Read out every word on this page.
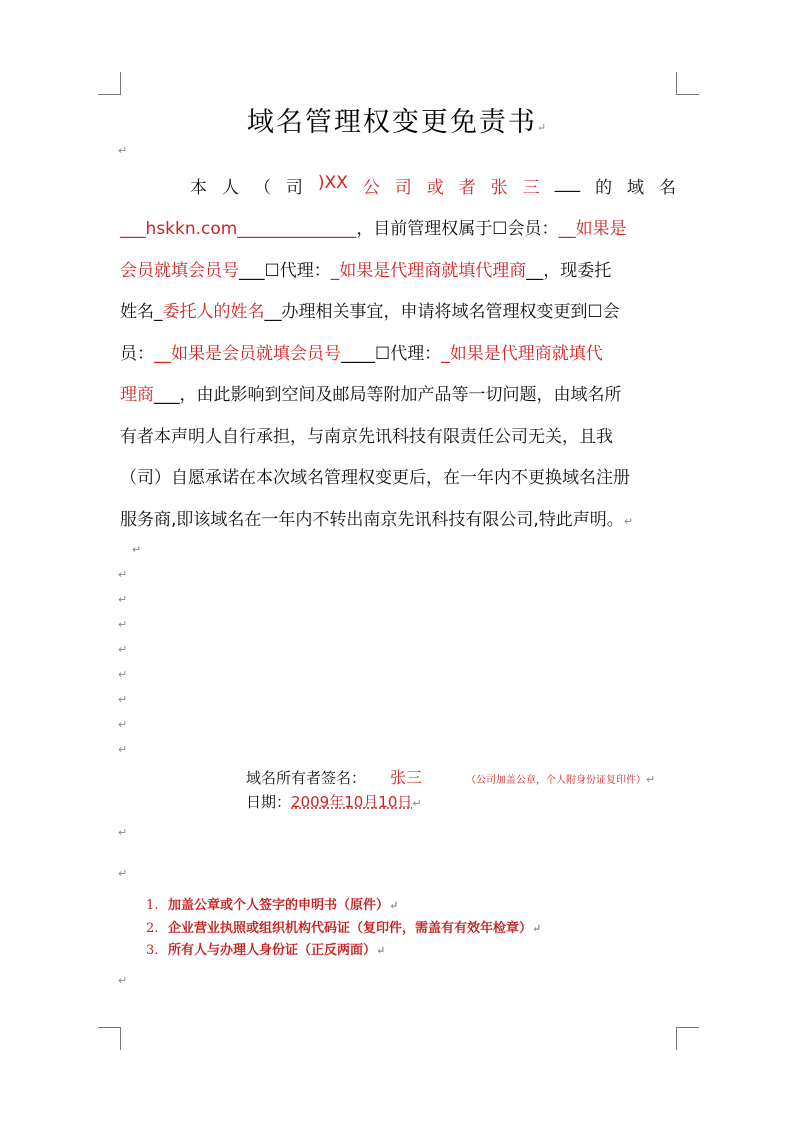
域名管理权变更免责书↵
↵
本 人 （ 司 )XX 公 司 或 者 张 三 ___ 的 域 名
___hskkn.com______________，目前管理权属于☐会员：__如果是
会员就填会员号___☐代理：_如果是代理商就填代理商__，现委托
姓名_委托人的姓名__办理相关事宜，申请将域名管理权变更到☐会
员：__如果是会员就填会员号____☐代理：_如果是代理商就填代
理商___，由此影响到空间及邮局等附加产品等一切问题，由域名所
有者本声明人自行承担，与南京先讯科技有限责任公司无关，且我
（司）自愿承诺在本次域名管理权变更后，在一年内不更换域名注册
服务商,即该域名在一年内不转出南京先讯科技有限公司,特此声明。↵
↵
↵
↵
↵
↵
↵
↵
↵
↵
域名所有者签名： 张三	（公司加盖公章，个人附身份证复印件）↵
日期：2009年10月10日↵
↵
↵
1. 加盖公章或个人签字的申明书（原件）↵
2. 企业营业执照或组织机构代码证（复印件，需盖有有效年检章）↵
3. 所有人与办理人身份证（正反两面）↵
↵
